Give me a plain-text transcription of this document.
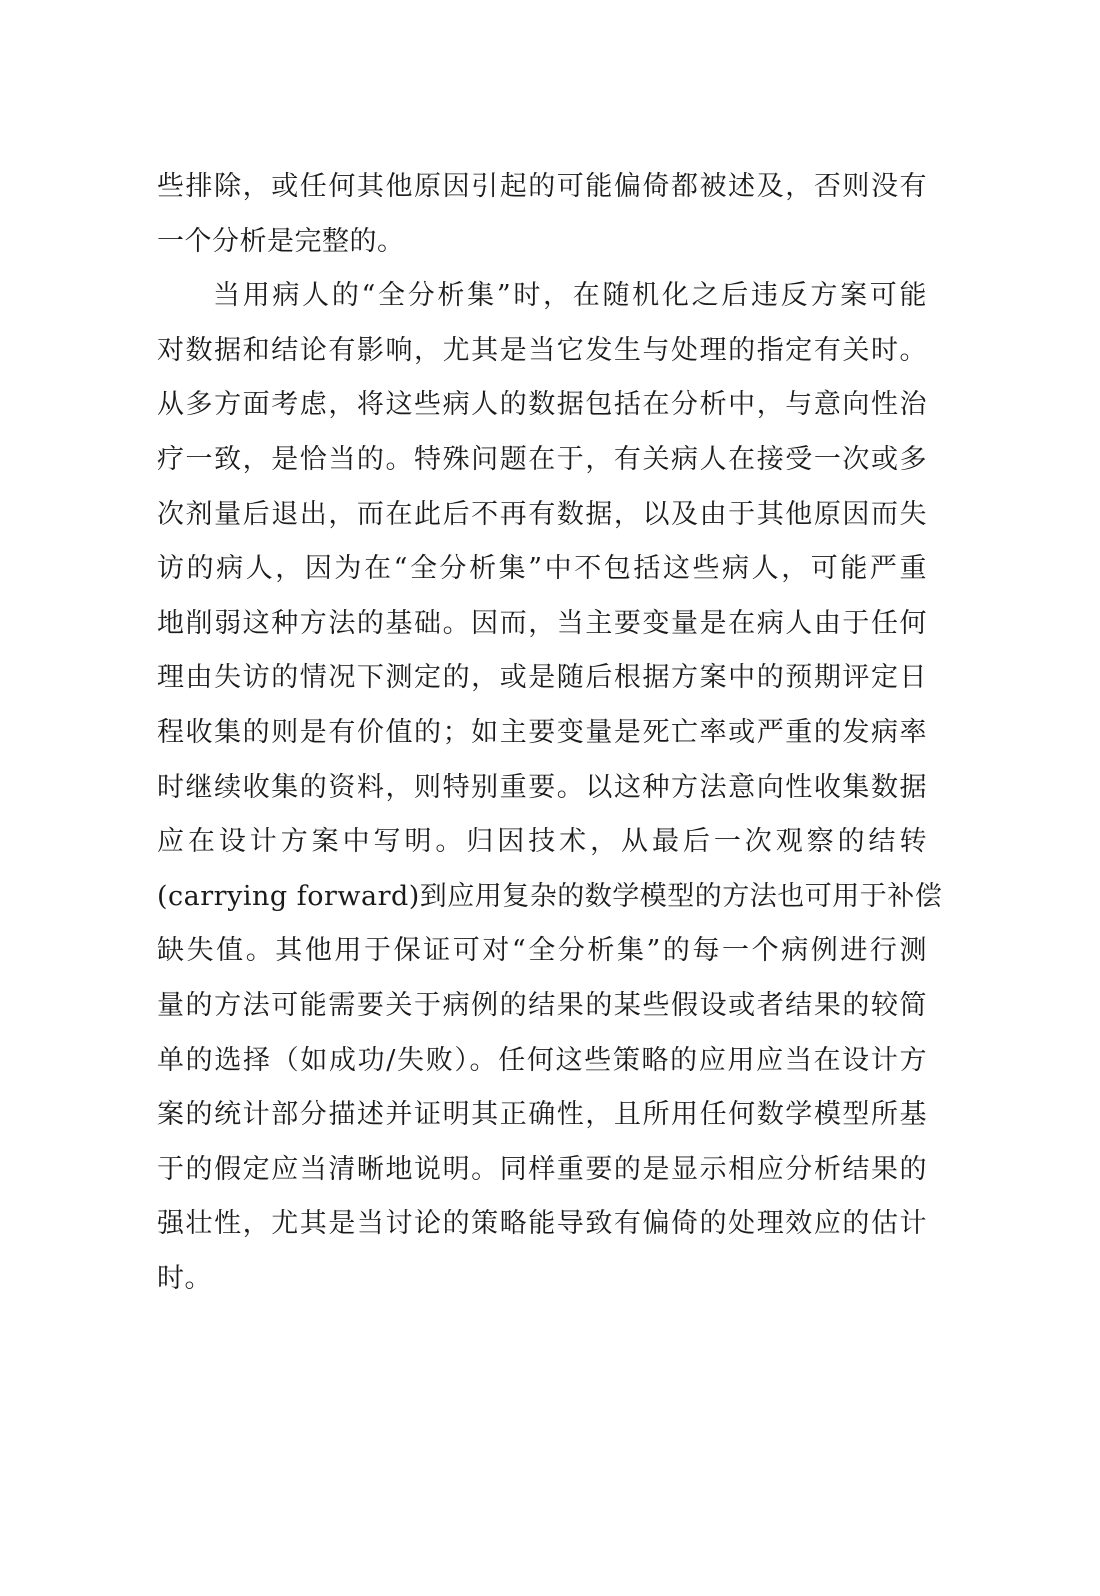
些排除，或任何其他原因引起的可能偏倚都被述及，否则没有
一个分析是完整的。
当用病人的“全分析集”时，在随机化之后违反方案可能
对数据和结论有影响，尤其是当它发生与处理的指定有关时。
从多方面考虑，将这些病人的数据包括在分析中，与意向性治
疗一致，是恰当的。特殊问题在于，有关病人在接受一次或多
次剂量后退出，而在此后不再有数据，以及由于其他原因而失
访的病人，因为在“全分析集”中不包括这些病人，可能严重
地削弱这种方法的基础。因而，当主要变量是在病人由于任何
理由失访的情况下测定的，或是随后根据方案中的预期评定日
程收集的则是有价值的；如主要变量是死亡率或严重的发病率
时继续收集的资料，则特别重要。以这种方法意向性收集数据
应在设计方案中写明。归因技术，从最后一次观察的结转
(carrying forward)到应用复杂的数学模型的方法也可用于补偿
缺失值。其他用于保证可对“全分析集”的每一个病例进行测
量的方法可能需要关于病例的结果的某些假设或者结果的较简
单的选择（如成功/失败）。任何这些策略的应用应当在设计方
案的统计部分描述并证明其正确性，且所用任何数学模型所基
于的假定应当清晰地说明。同样重要的是显示相应分析结果的
强壮性，尤其是当讨论的策略能导致有偏倚的处理效应的估计
时。
